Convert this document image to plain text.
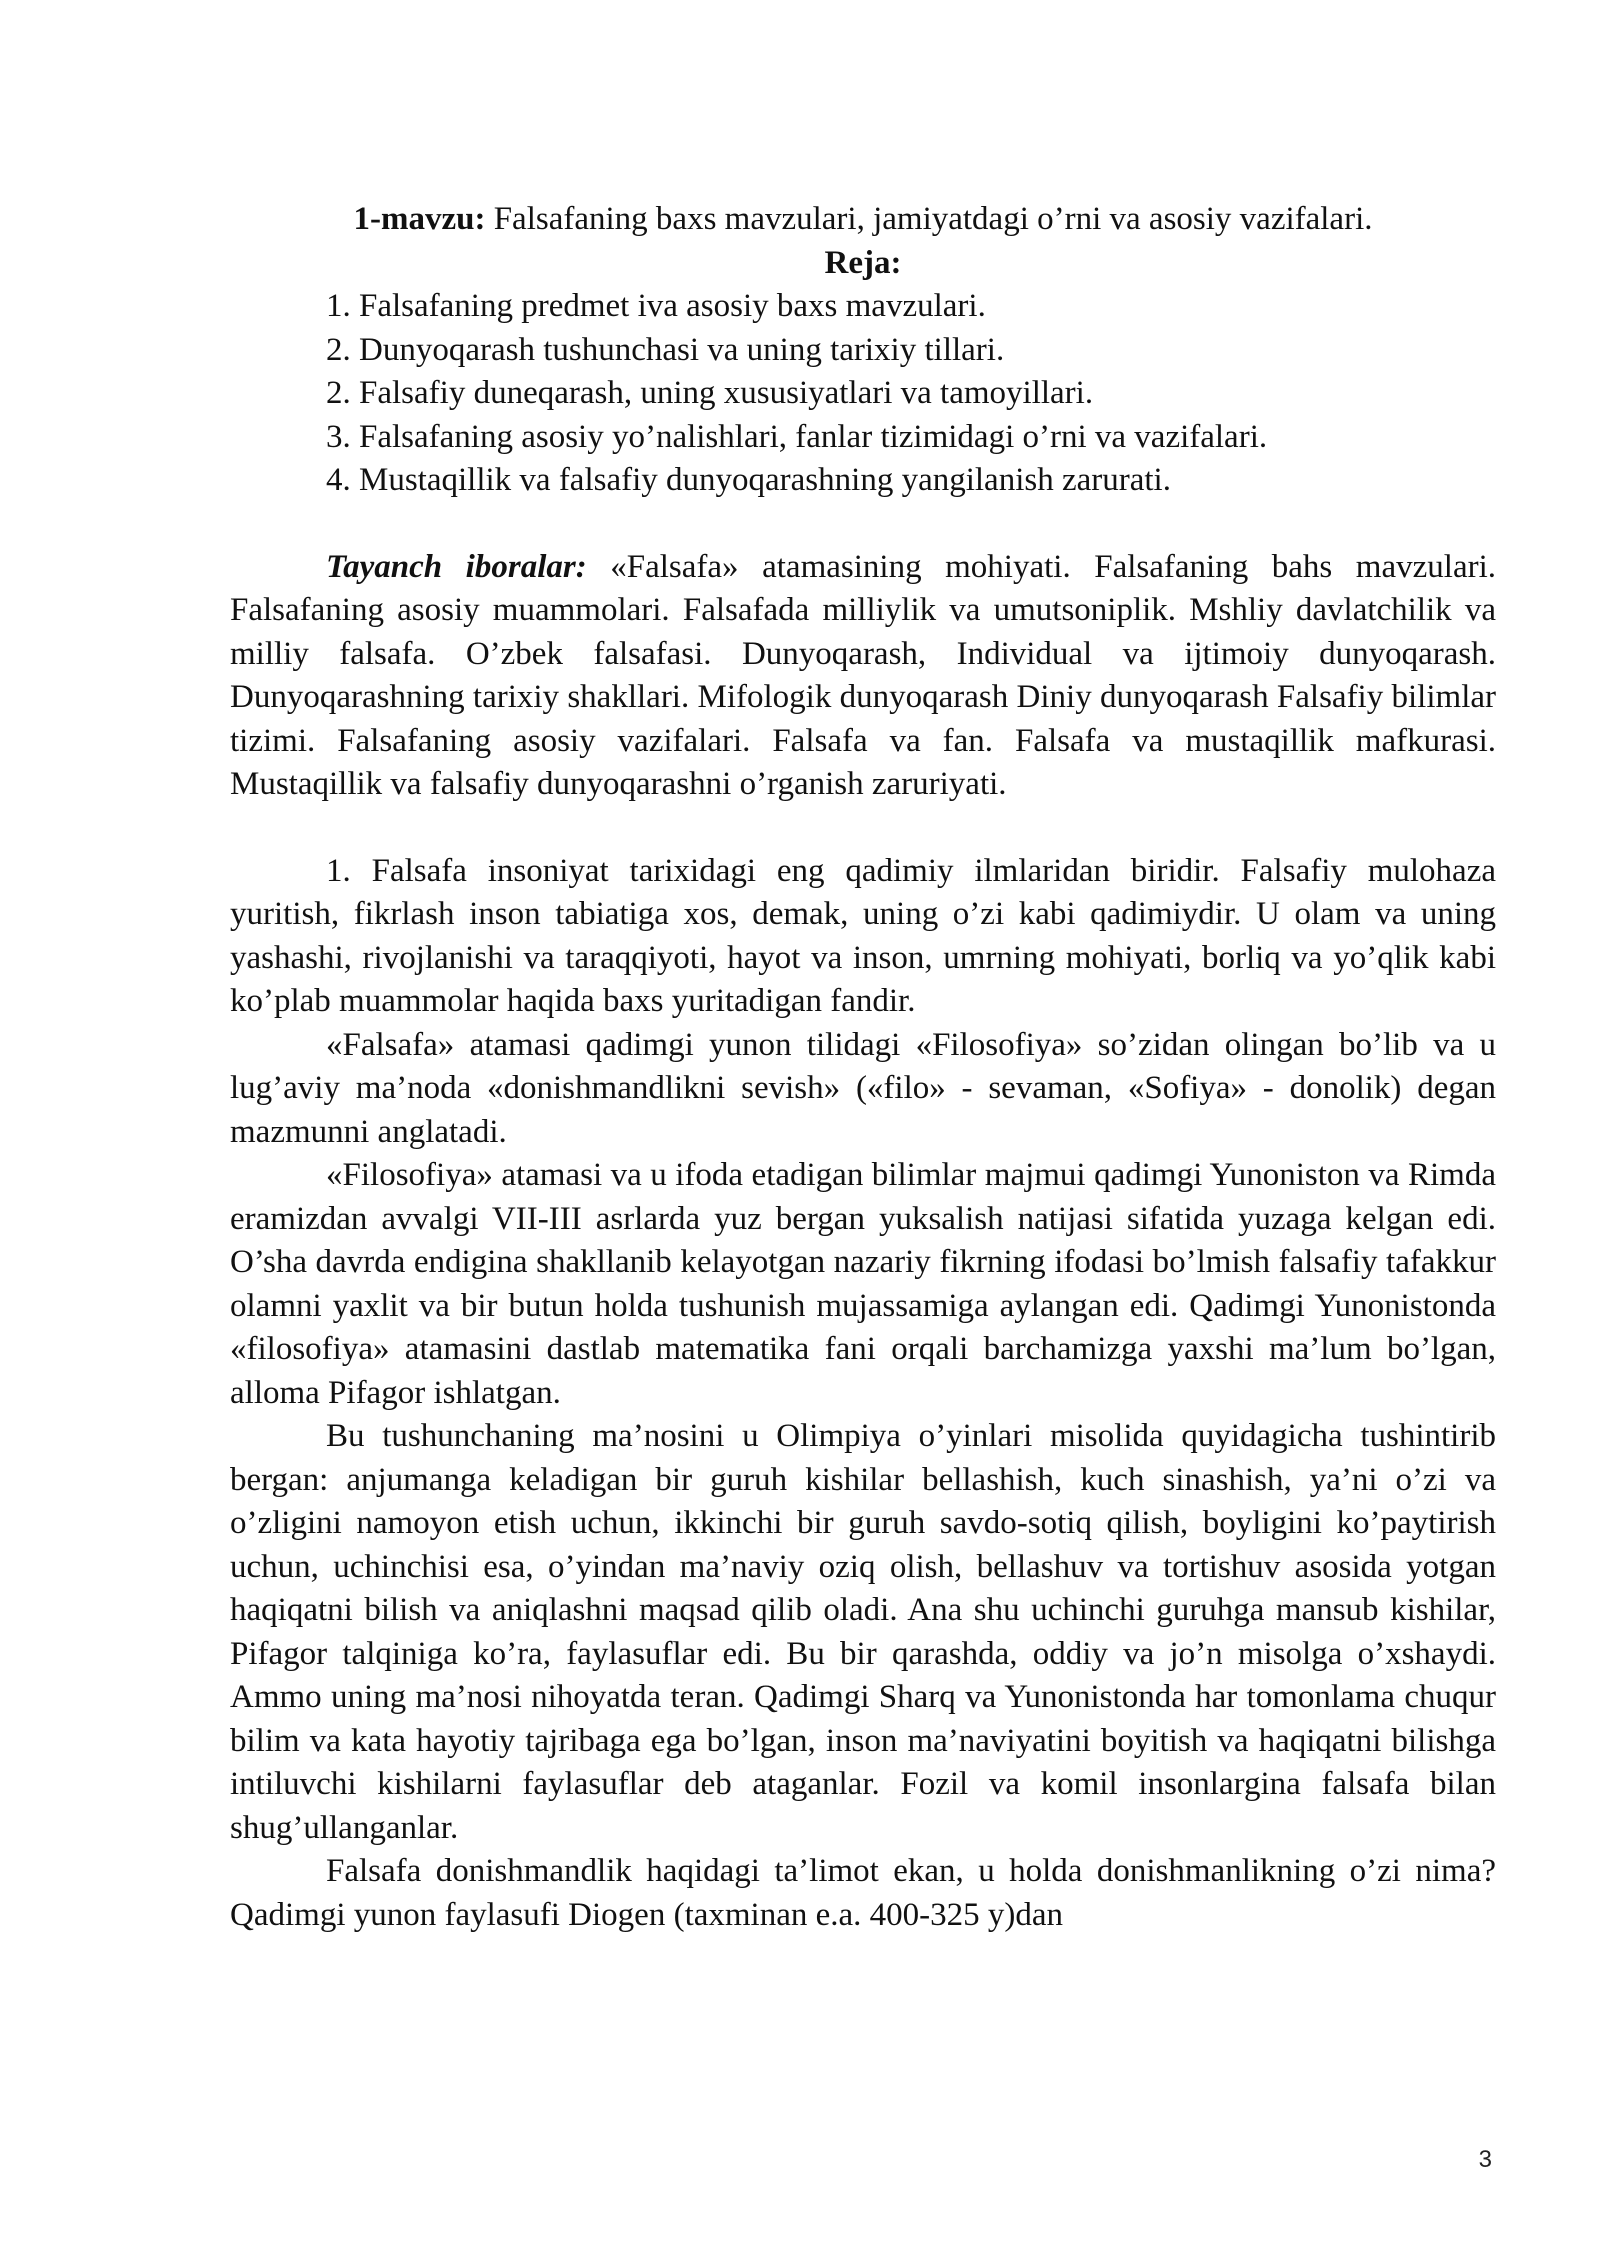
1-mavzu: Falsafaning baxs mavzulari, jamiyatdagi o’rni va asosiy vazifalari.

Reja:

1. Falsafaning predmet iva asosiy baxs mavzulari.
2. Dunyoqarash tushunchasi va uning tarixiy tillari.
2. Falsafiy duneqarash, uning xususiyatlari va tamoyillari.
3. Falsafaning asosiy yo’nalishlari, fanlar tizimidagi o’rni va vazifalari.
4. Mustaqillik va falsafiy dunyoqarashning yangilanish zarurati.

Tayanch iboralar: «Falsafa» atamasining mohiyati. Falsafaning bahs mavzulari. Falsafaning asosiy muammolari. Falsafada milliylik va umutsoniplik. Mshliy davlatchilik va milliy falsafa. O’zbek falsafasi. Dunyoqarash, Individual va ijtimoiy dunyoqarash. Dunyoqarashning tarixiy shakllari. Mifologik dunyoqarash Diniy dunyoqarash Falsafiy bilimlar tizimi. Falsafaning asosiy vazifalari. Falsafa va fan. Falsafa va mustaqillik mafkurasi. Mustaqillik va falsafiy dunyoqarashni o’rganish zaruriyati.

1. Falsafa insoniyat tarixidagi eng qadimiy ilmlaridan biridir. Falsafiy mulohaza yuritish, fikrlash inson tabiatiga xos, demak, uning o’zi kabi qadimiydir. U olam va uning yashashi, rivojlanishi va taraqqiyoti, hayot va inson, umrning mohiyati, borliq va yo’qlik kabi ko’plab muammolar haqida baxs yuritadigan fandir.

«Falsafa» atamasi qadimgi yunon tilidagi «Filosofiya» so’zidan olingan bo’lib va u lug’aviy ma’noda «donishmandlikni sevish» («filo» - sevaman, «Sofiya» - donolik) degan mazmunni anglatadi.

«Filosofiya» atamasi va u ifoda etadigan bilimlar majmui qadimgi Yunoniston va Rimda eramizdan avvalgi VII-III asrlarda yuz bergan yuksalish natijasi sifatida yuzaga kelgan edi. O’sha davrda endigina shakllanib kelayotgan nazariy fikrning ifodasi bo’lmish falsafiy tafakkur olamni yaxlit va bir butun holda tushunish mujassamiga aylangan edi. Qadimgi Yunonistonda «filosofiya» atamasini dastlab matematika fani orqali barchamizga yaxshi ma’lum bo’lgan, alloma Pifagor ishlatgan.

Bu tushunchaning ma’nosini u Olimpiya o’yinlari misolida quyidagicha tushintirib bergan: anjumanga keladigan bir guruh kishilar bellashish, kuch sinashish, ya’ni o’zi va o’zligini namoyon etish uchun, ikkinchi bir guruh savdo-sotiq qilish, boyligini ko’paytirish uchun, uchinchisi esa, o’yindan ma’naviy oziq olish, bellashuv va tortishuv asosida yotgan haqiqatni bilish va aniqlashni maqsad qilib oladi. Ana shu uchinchi guruhga mansub kishilar, Pifagor talqiniga ko’ra, faylasuflar edi. Bu bir qarashda, oddiy va jo’n misolga o’xshaydi. Ammo uning ma’nosi nihoyatda teran. Qadimgi Sharq va Yunonistonda har tomonlama chuqur bilim va kata hayotiy tajribaga ega bo’lgan, inson ma’naviyatini boyitish va haqiqatni bilishga intiluvchi kishilarni faylasuflar deb ataganlar. Fozil va komil insonlargina falsafa bilan shug’ullanganlar.

Falsafa donishmandlik haqidagi ta’limot ekan, u holda donishmanlikning o’zi nima? Qadimgi yunon faylasufi Diogen (taxminan e.a. 400-325 y)dan

3
